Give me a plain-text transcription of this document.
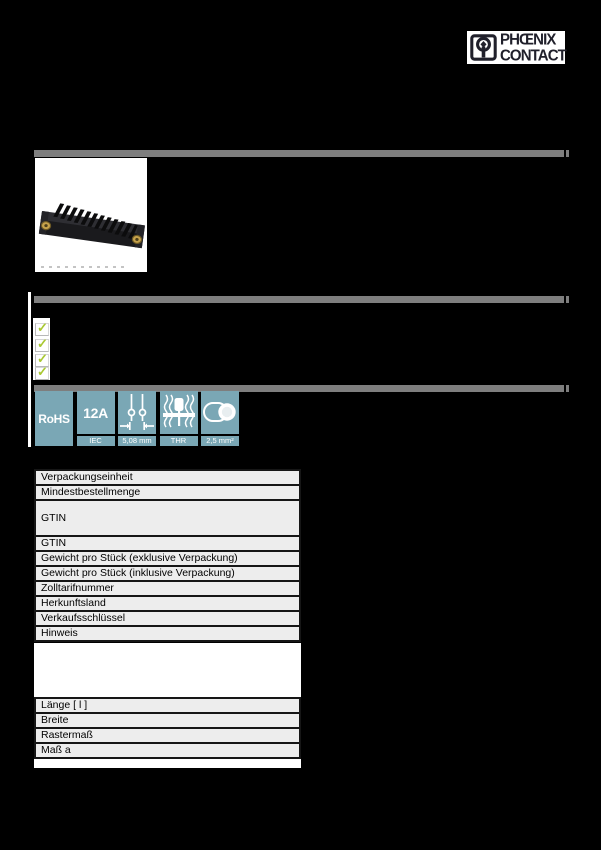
PHŒNIX
CONTACT
✓
✓
✓
✓
RoHS 12A
IEC	5,08 mm	THR	2,5 mm²
Verpackungseinheit
Mindestbestellmenge
GTIN
GTIN
Gewicht pro Stück (exklusive Verpackung)
Gewicht pro Stück (inklusive Verpackung)
Zolltarifnummer
Herkunftsland
Verkaufsschlüssel
Hinweis
Länge [ l ]
Breite
Rastermaß
Maß a
